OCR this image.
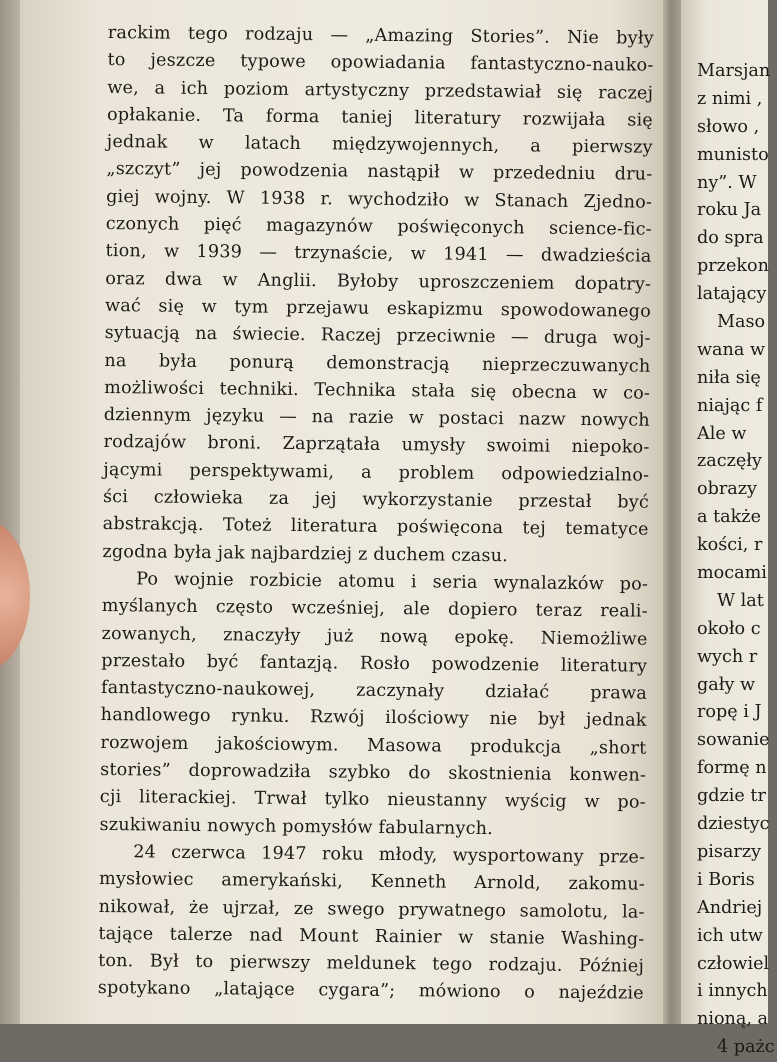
rackim tego rodzaju — „Amazing Stories”. Nie były
to jeszcze typowe opowiadania fantastyczno-nauko-
we, a ich poziom artystyczny przedstawiał się raczej
opłakanie. Ta forma taniej literatury rozwijała się
jednak w latach międzywojennych, a pierwszy
„szczyt” jej powodzenia nastąpił w przededniu dru-
giej wojny. W 1938 r. wychodziło w Stanach Zjedno-
czonych pięć magazynów poświęconych science-fic-
tion, w 1939 — trzynaście, w 1941 — dwadzieścia
oraz dwa w Anglii. Byłoby uproszczeniem dopatry-
wać się w tym przejawu eskapizmu spowodowanego
sytuacją na świecie. Raczej przeciwnie — druga woj-
na była ponurą demonstracją nieprzeczuwanych
możliwości techniki. Technika stała się obecna w co-
dziennym języku — na razie w postaci nazw nowych
rodzajów broni. Zaprzątała umysły swoimi niepoko-
jącymi perspektywami, a problem odpowiedzialno-
ści człowieka za jej wykorzystanie przestał być
abstrakcją. Toteż literatura poświęcona tej tematyce
zgodna była jak najbardziej z duchem czasu.
Po wojnie rozbicie atomu i seria wynalazków po-
myślanych często wcześniej, ale dopiero teraz reali-
zowanych, znaczyły już nową epokę. Niemożliwe
przestało być fantazją. Rosło powodzenie literatury
fantastyczno-naukowej, zaczynały działać prawa
handlowego rynku. Rzwój ilościowy nie był jednak
rozwojem jakościowym. Masowa produkcja „short
stories” doprowadziła szybko do skostnienia konwen-
cji literackiej. Trwał tylko nieustanny wyścig w po-
szukiwaniu nowych pomysłów fabularnych.
24 czerwca 1947 roku młody, wysportowany prze-
mysłowiec amerykański, Kenneth Arnold, zakomu-
nikował, że ujrzał, ze swego prywatnego samolotu, la-
tające talerze nad Mount Rainier w stanie Washing-
ton. Był to pierwszy meldunek tego rodzaju. Później
spotykano „latające cygara”; mówiono o najeździe
Marsjan
z nimi ,
słowo ,
munisto
ny”. W
roku Ja
do spra
przekon
latający
Maso
wana w
niła się
niając f
Ale w
zaczęły
obrazy
a także
kości, r
mocami
W lat
około c
wych r
gały w
ropę i J
sowanie
formę n
gdzie tr
dziestyc
pisarzy
i Boris
Andriej
ich utw
człowiel
i innych
nioną, a
4 pażc
